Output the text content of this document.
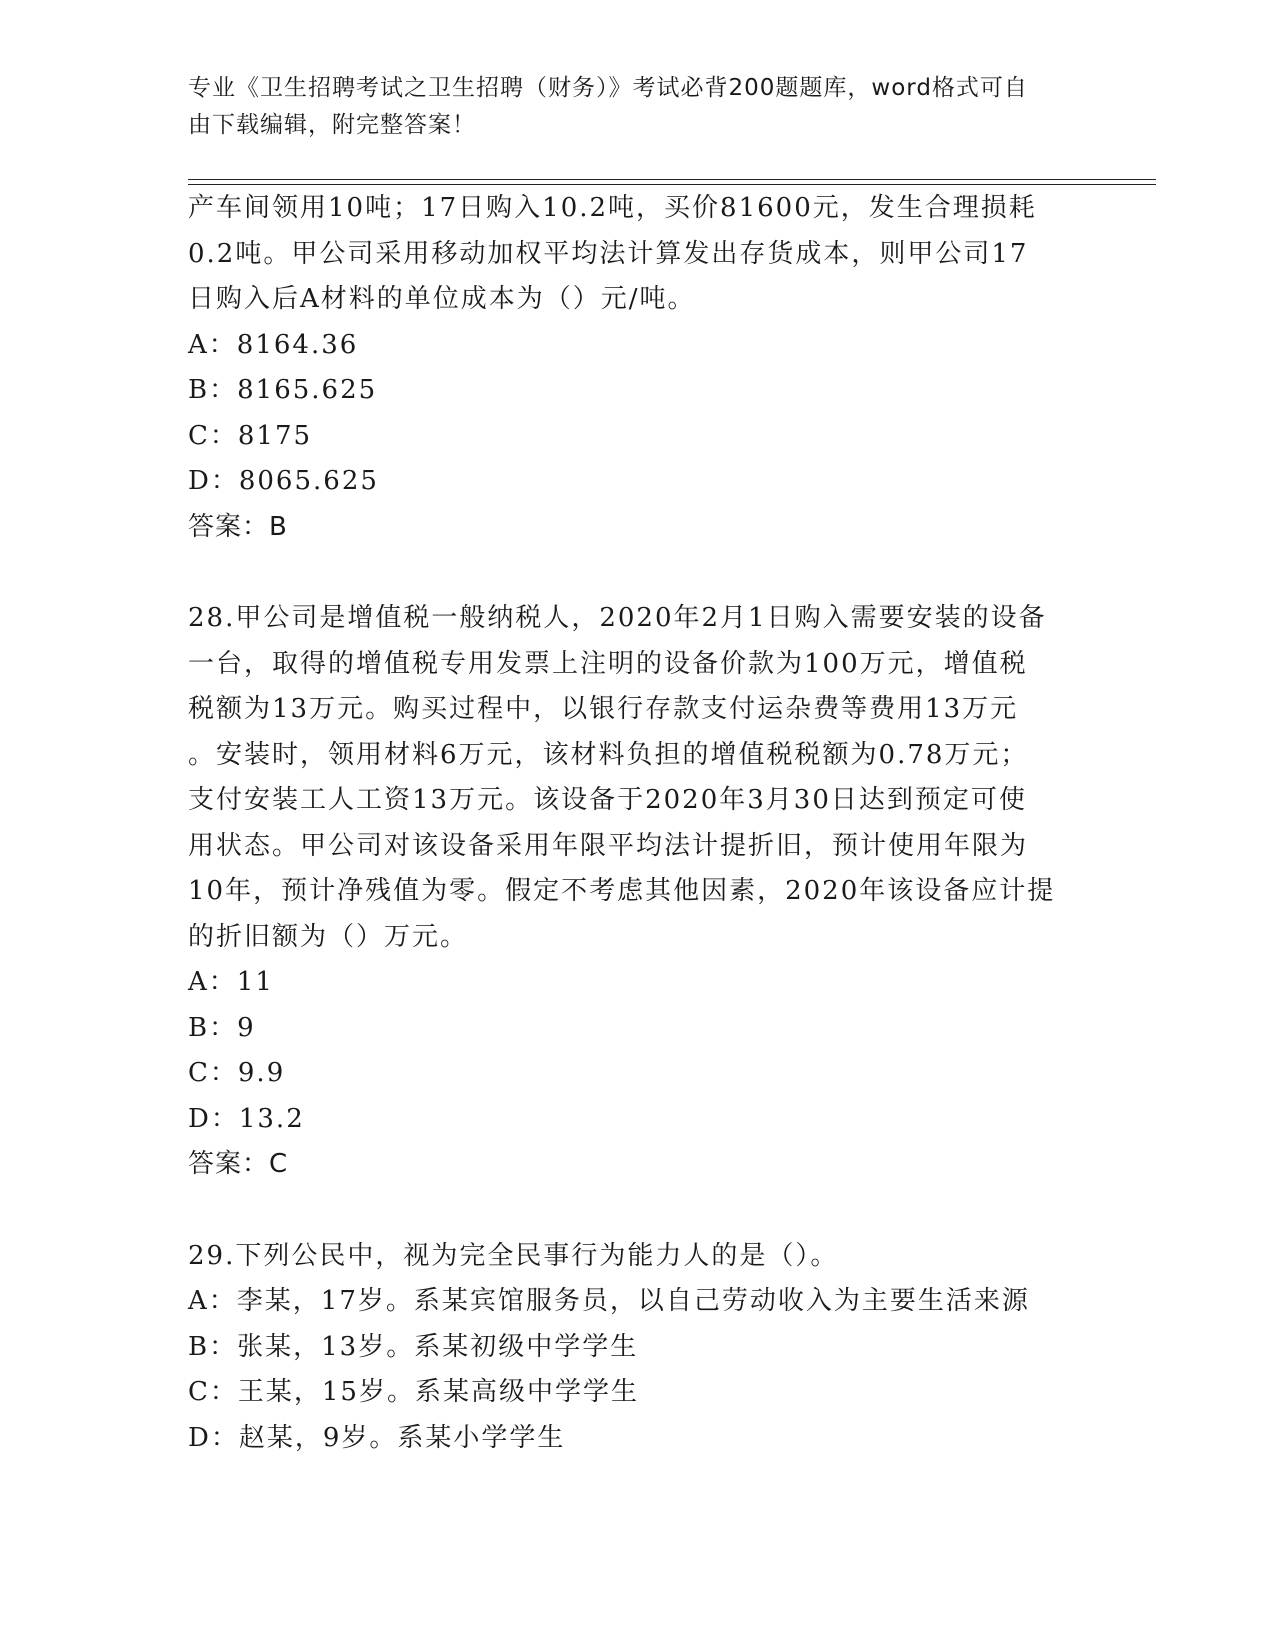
专业《卫生招聘考试之卫生招聘（财务）》考试必背200题题库，word格式可自
由下载编辑，附完整答案！

产车间领用10吨；17日购入10.2吨，买价81600元，发生合理损耗

0.2吨。甲公司采用移动加权平均法计算发出存货成本，则甲公司17

日购入后A材料的单位成本为（）元/吨。

A：8164.36

B：8165.625

C：8175

D：8065.625

答案：B

28.甲公司是增值税一般纳税人，2020年2月1日购入需要安装的设备

一台，取得的增值税专用发票上注明的设备价款为100万元，增值税

税额为13万元。购买过程中，以银行存款支付运杂费等费用13万元

。安装时，领用材料6万元，该材料负担的增值税税额为0.78万元；

支付安装工人工资13万元。该设备于2020年3月30日达到预定可使

用状态。甲公司对该设备采用年限平均法计提折旧，预计使用年限为

10年，预计净残值为零。假定不考虑其他因素，2020年该设备应计提

的折旧额为（）万元。

A：11

B：9

C：9.9

D：13.2

答案：C

29.下列公民中，视为完全民事行为能力人的是（）。

A：李某，17岁。系某宾馆服务员，以自己劳动收入为主要生活来源

B：张某，13岁。系某初级中学学生

C：王某，15岁。系某高级中学学生

D：赵某，9岁。系某小学学生
